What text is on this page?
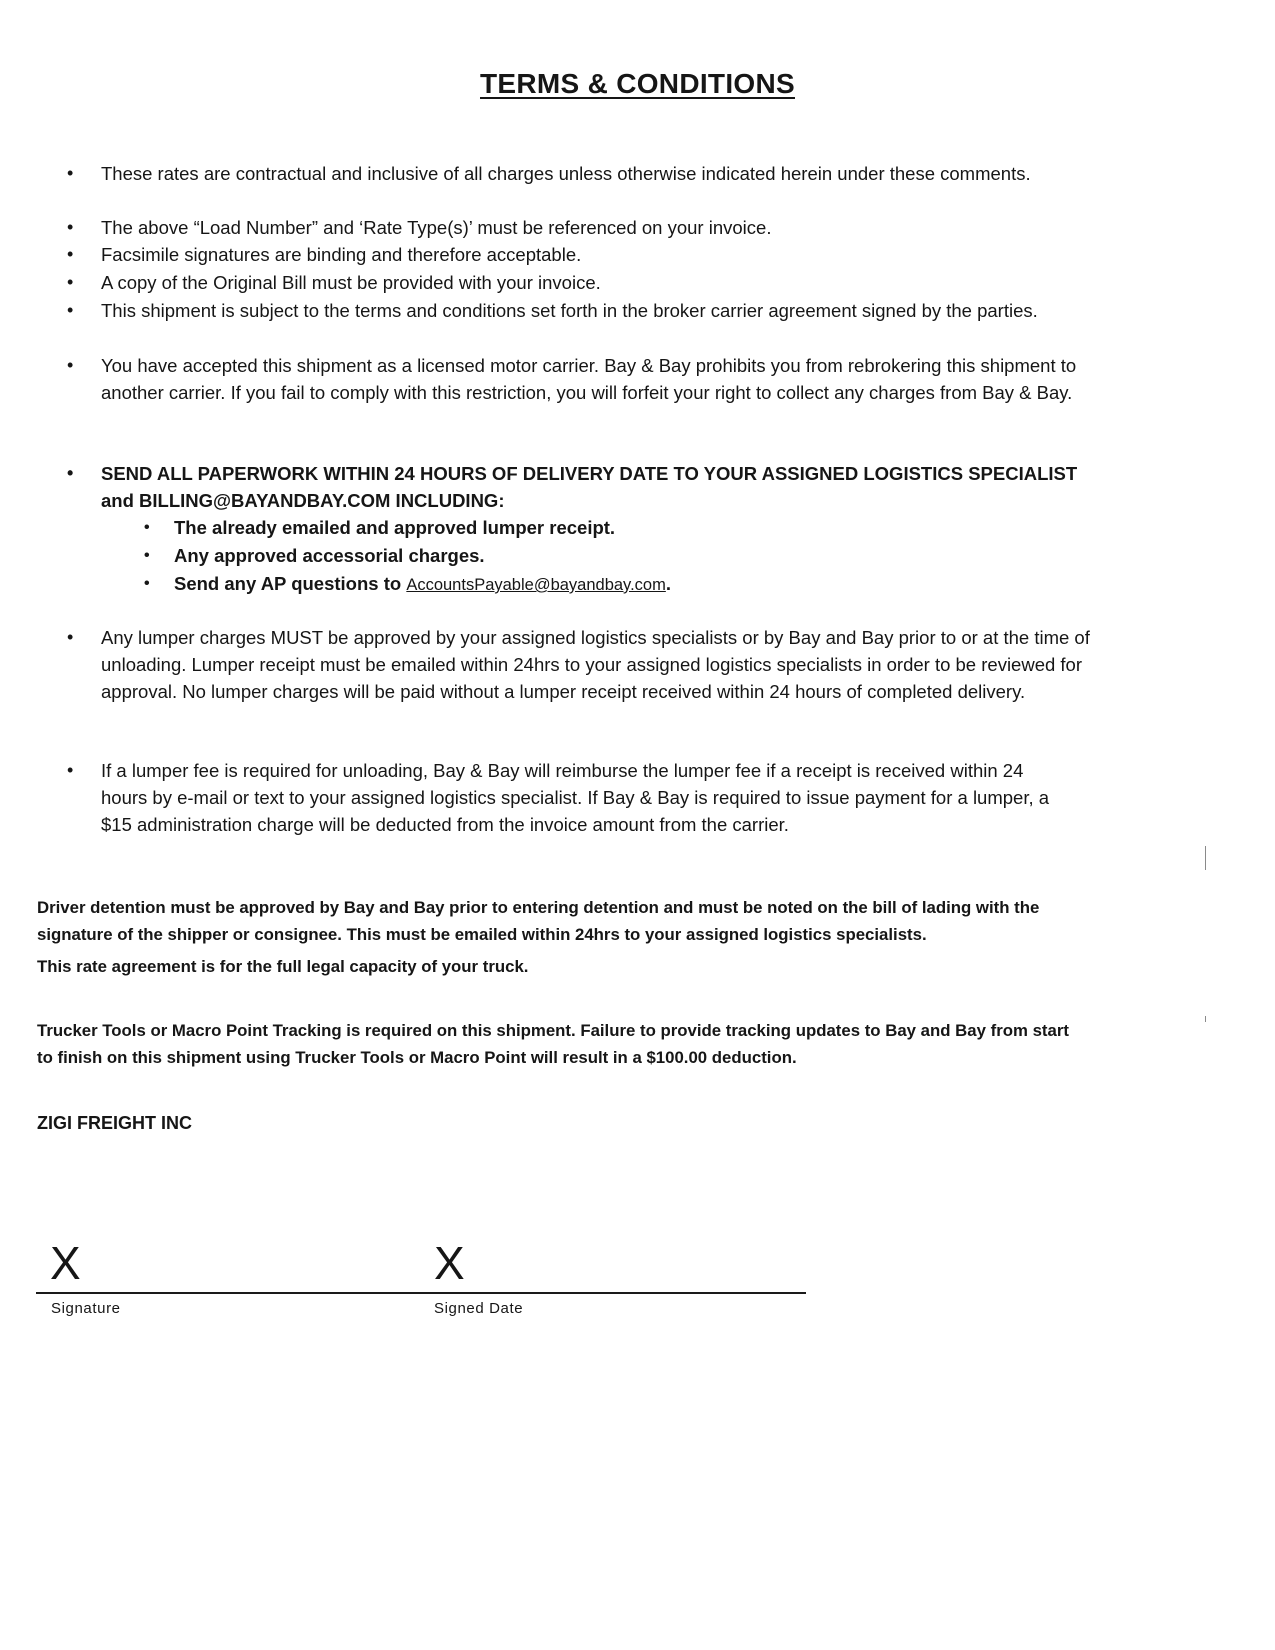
TERMS & CONDITIONS
• These rates are contractual and inclusive of all charges unless otherwise indicated herein under these comments.
• The above “Load Number” and ‘Rate Type(s)’ must be referenced on your invoice.
• Facsimile signatures are binding and therefore acceptable.
• A copy of the Original Bill must be provided with your invoice.
• This shipment is subject to the terms and conditions set forth in the broker carrier agreement signed by the parties.
• You have accepted this shipment as a licensed motor carrier. Bay & Bay prohibits you from rebrokering this shipment to another carrier. If you fail to comply with this restriction, you will forfeit your right to collect any charges from Bay & Bay.
• SEND ALL PAPERWORK WITHIN 24 HOURS OF DELIVERY DATE TO YOUR ASSIGNED LOGISTICS SPECIALIST and BILLING@BAYANDBAY.COM INCLUDING:
• Any lumper charges MUST be approved by your assigned logistics specialists or by Bay and Bay prior to or at the time of unloading. Lumper receipt must be emailed within 24hrs to your assigned logistics specialists in order to be reviewed for approval. No lumper charges will be paid without a lumper receipt received within 24 hours of completed delivery.
• If a lumper fee is required for unloading, Bay & Bay will reimburse the lumper fee if a receipt is received within 24 hours by e-mail or text to your assigned logistics specialist. If Bay & Bay is required to issue payment for a lumper, a $15 administration charge will be deducted from the invoice amount from the carrier.
• The already emailed and approved lumper receipt.
• Any approved accessorial charges.
• Send any AP questions to AccountsPayable@bayandbay.com.
Driver detention must be approved by Bay and Bay prior to entering detention and must be noted on the bill of lading with the signature of the shipper or consignee. This must be emailed within 24hrs to your assigned logistics specialists.
This rate agreement is for the full legal capacity of your truck.
Trucker Tools or Macro Point Tracking is required on this shipment. Failure to provide tracking updates to Bay and Bay from start to finish on this shipment using Trucker Tools or Macro Point will result in a $100.00 deduction.
ZIGI FREIGHT INC
X	X
Signature	Signed Date
